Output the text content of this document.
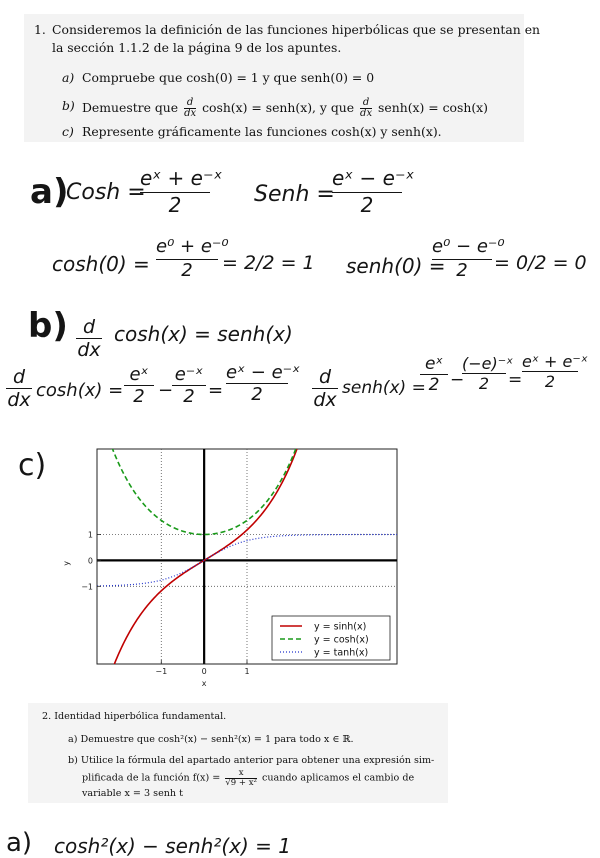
1. Consideremos la definición de las funciones hiperbólicas que se presentan en
la sección 1.1.2 de la página 9 de los apuntes.
a) Compruebe que cosh(0) = 1 y que senh(0) = 0
b) Demuestre que $\frac{d}{dx} \cosh(x)$ = senh(x), y que $\frac{d}{dx}$ senh(x) = cosh(x)
c) Represente gráficamente las funciones cosh(x) y senh(x).
a)
Cosh =
$\frac{\text{eˣ + e⁻ˣ}}{2}$ Senh =
$\frac{\text{eˣ − e⁻ˣ}}{2}$
$\cosh(0) = \frac{\text{e⁰ + e⁻⁰}}{2} = 2/2 = 1$ senh(0) =
$\frac{\text{e⁰ − e⁻⁰}}{2} = 0/2 = 0$
b) d
dx
cosh(x) = senh(x)
d
dx cosh(x) =
eˣ
2 −
e⁻ˣ
2 =
eˣ − e⁻ˣ
2
d
dx
senh(x) =
eˣ
2 −
(−e)⁻ˣ
2	=
eˣ + e⁻ˣ
2
c)
−1	0	1
−1
0
1
x
y
y = sinh(x)
y = cosh(x)
y = tanh(x)
2. Identidad hiperbólica fundamental.
a) Demuestre que cosh²(x) − senh²(x) = 1 para todo x ∈ ℝ.
b) Utilice la fórmula del apartado anterior para obtener una expresión sim-
plificada de la función $f(x) = \frac{x}{\text{√9 + x²}}$ cuando aplicamos el cambio de
variable x = 3 senh t
a) cosh²(x) − senh²(x) = 1
